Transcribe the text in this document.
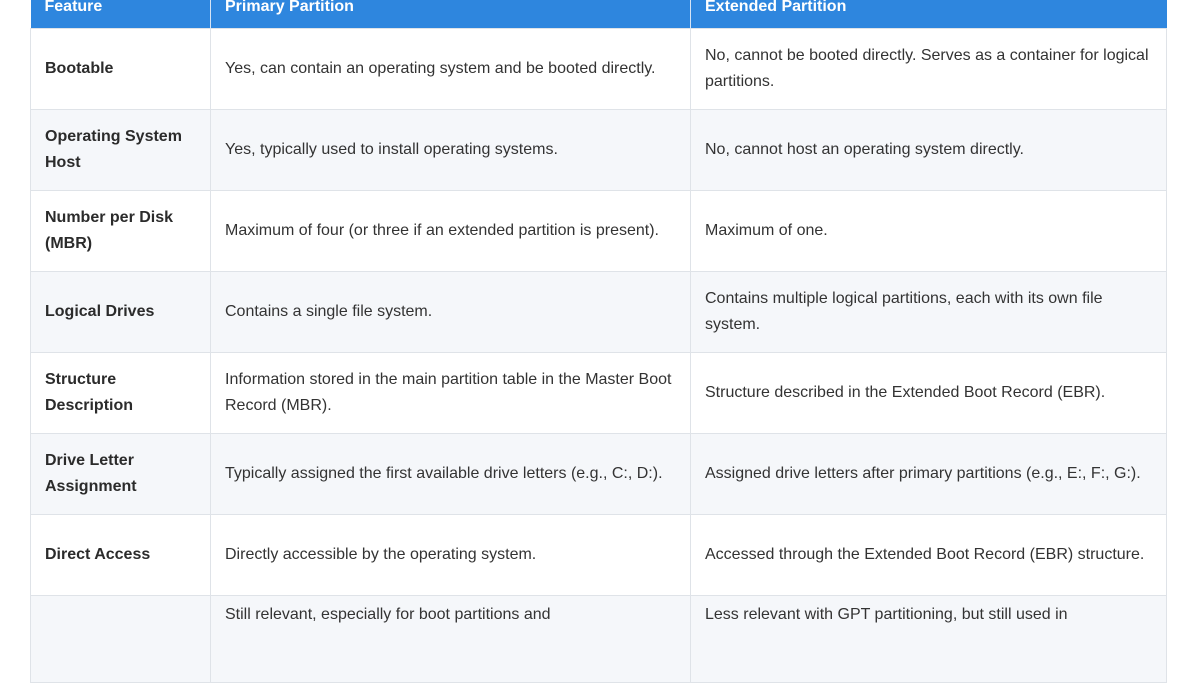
Feature	Primary Partition	Extended Partition
Bootable	Yes, can contain an operating system and be booted directly.	No, cannot be booted directly. Serves as a container for logical partitions.
Operating System Host	Yes, typically used to install operating systems.	No, cannot host an operating system directly.
Number per Disk (MBR)	Maximum of four (or three if an extended partition is present).	Maximum of one.
Logical Drives	Contains a single file system.	Contains multiple logical partitions, each with its own file system.
Structure Description	Information stored in the main partition table in the Master Boot Record (MBR).	Structure described in the Extended Boot Record (EBR).
Drive Letter Assignment	Typically assigned the first available drive letters (e.g., C:, D:).	Assigned drive letters after primary partitions (e.g., E:, F:, G:).
Direct Access	Directly accessible by the operating system.	Accessed through the Extended Boot Record (EBR) structure.
	Still relevant, especially for boot partitions and	Less relevant with GPT partitioning, but still used in
